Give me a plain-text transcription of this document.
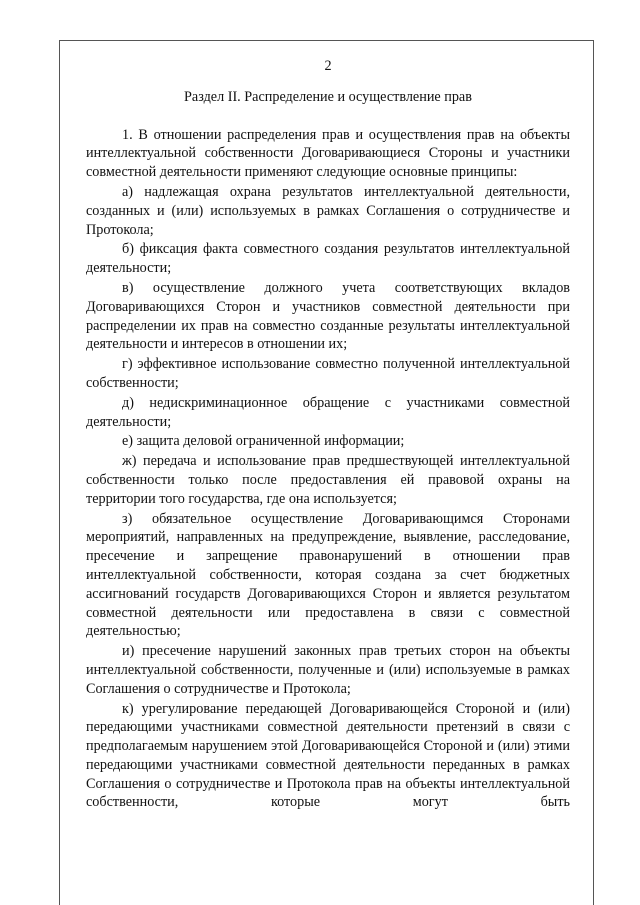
2
Раздел II. Распределение и осуществление прав

1. В отношении распределения прав и осуществления прав на объекты интеллектуальной собственности Договаривающиеся Стороны и участники совместной деятельности применяют следующие основные принципы:

а) надлежащая охрана результатов интеллектуальной деятельности, созданных и (или) используемых в рамках Соглашения о сотрудничестве и Протокола;

б) фиксация факта совместного создания результатов интеллектуальной деятельности;

в) осуществление должного учета соответствующих вкладов Договаривающихся Сторон и участников совместной деятельности при распределении их прав на совместно созданные результаты интеллектуальной деятельности и интересов в отношении их;

г) эффективное использование совместно полученной интеллектуальной собственности;

д) недискриминационное обращение с участниками совместной деятельности;

е) защита деловой ограниченной информации;

ж) передача и использование прав предшествующей интеллектуальной собственности только после предоставления ей правовой охраны на территории того государства, где она используется;

з) обязательное осуществление Договаривающимся Сторонами мероприятий, направленных на предупреждение, выявление, расследование, пресечение и запрещение правонарушений в отношении прав интеллектуальной собственности, которая создана за счет бюджетных ассигнований государств Договаривающихся Сторон и является результатом совместной деятельности или предоставлена в связи с совместной деятельностью;

и) пресечение нарушений законных прав третьих сторон на объекты интеллектуальной собственности, полученные и (или) используемые в рамках Соглашения о сотрудничестве и Протокола;

к) урегулирование передающей Договаривающейся Стороной и (или) передающими участниками совместной деятельности претензий в связи с предполагаемым нарушением этой Договаривающейся Стороной и (или) этими передающими участниками совместной деятельности переданных в рамках Соглашения о сотрудничестве и Протокола прав на объекты интеллектуальной собственности, которые могут быть
